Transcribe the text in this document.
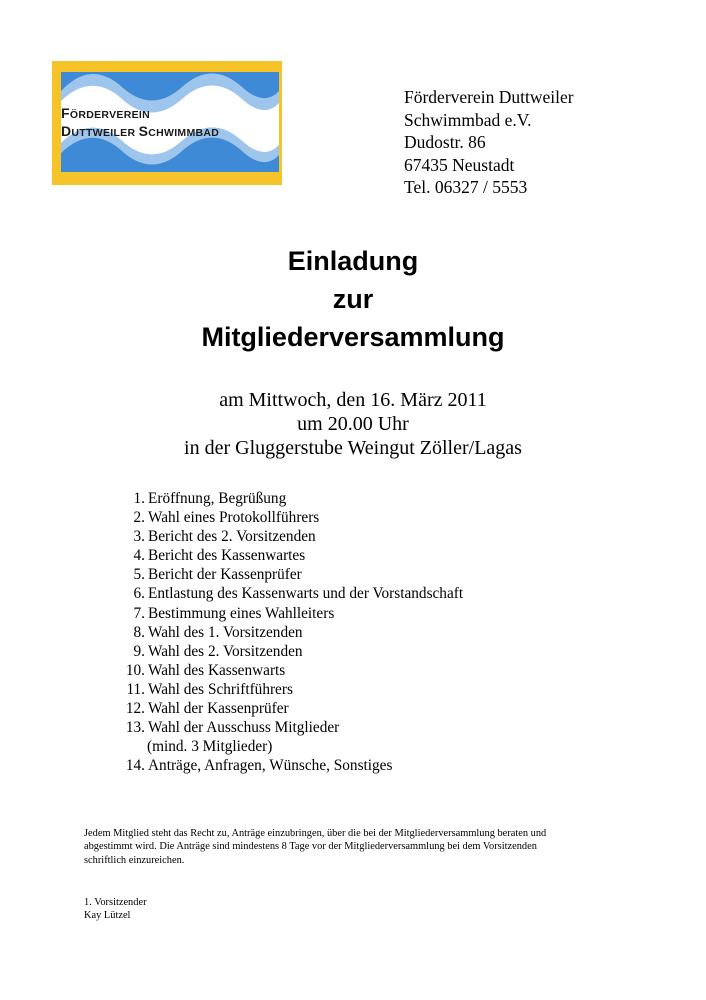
FÖRDERVEREIN
DUTTWEILER SCHWIMMBAD
Förderverein Duttweiler
Schwimmbad e.V.
Dudostr. 86
67435 Neustadt
Tel. 06327 / 5553
Einladung
zur
Mitgliederversammlung
am Mittwoch, den 16. März 2011
um 20.00 Uhr
in der Gluggerstube Weingut Zöller/Lagas
1. Eröffnung, Begrüßung
2. Wahl eines Protokollführers
3. Bericht des 2. Vorsitzenden
4. Bericht des Kassenwartes
5. Bericht der Kassenprüfer
6. Entlastung des Kassenwarts und der Vorstandschaft
7. Bestimmung eines Wahlleiters
8. Wahl des 1. Vorsitzenden
9. Wahl des 2. Vorsitzenden
10. Wahl des Kassenwarts
11. Wahl des Schriftführers
12. Wahl der Kassenprüfer
13. Wahl der Ausschuss Mitglieder
(mind. 3 Mitglieder)
14. Anträge, Anfragen, Wünsche, Sonstiges
Jedem Mitglied steht das Recht zu, Anträge einzubringen, über die bei der Mitgliederversammlung beraten und
abgestimmt wird. Die Anträge sind mindestens 8 Tage vor der Mitgliederversammlung bei dem Vorsitzenden
schriftlich einzureichen.
1. Vorsitzender
Kay Lützel
